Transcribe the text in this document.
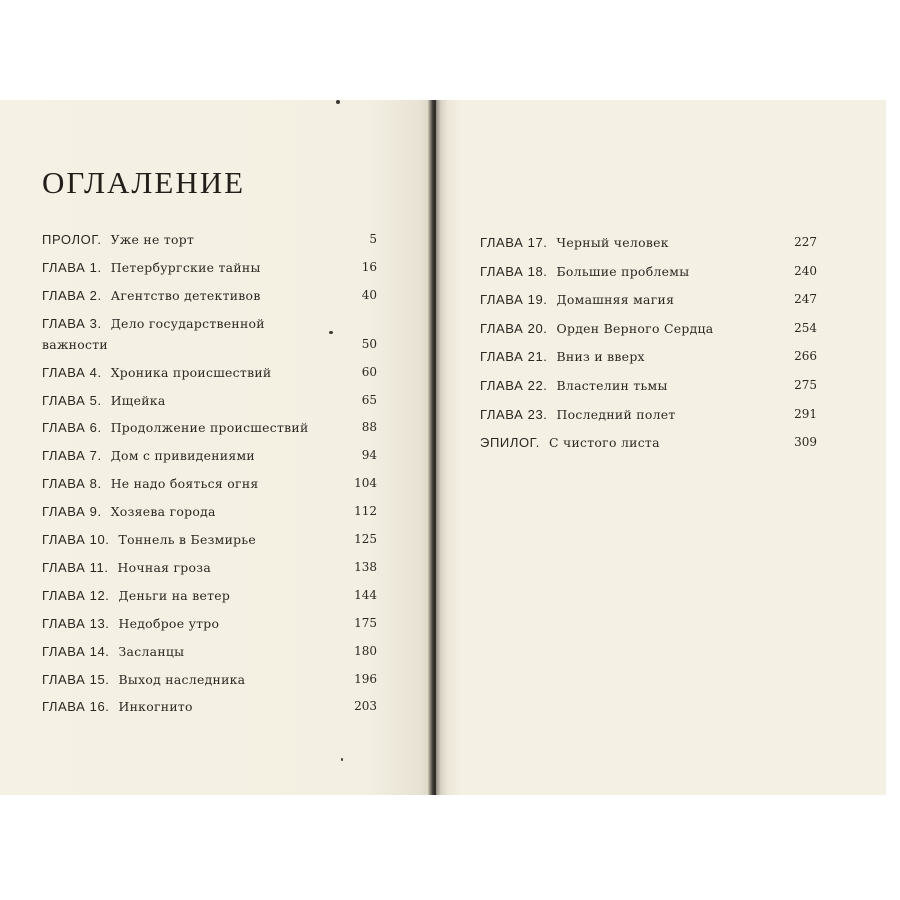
ОГЛАЛЕНИЕ
ПРОЛОГ. Уже не торт	5
ГЛАВА 1. Петербургские тайны	16
ГЛАВА 2. Агентство детективов	40
ГЛАВА 3. Дело государственной
важности	50
ГЛАВА 4. Хроника происшествий	60
ГЛАВА 5. Ищейка	65
ГЛАВА 6. Продолжение происшествий	88
ГЛАВА 7. Дом с привидениями	94
ГЛАВА 8. Не надо бояться огня	104
ГЛАВА 9. Хозяева города	112
ГЛАВА 10. Тоннель в Безмирье	125
ГЛАВА 11. Ночная гроза	138
ГЛАВА 12. Деньги на ветер	144
ГЛАВА 13. Недоброе утро	175
ГЛАВА 14. Засланцы	180
ГЛАВА 15. Выход наследника	196
ГЛАВА 16. Инкогнито	203
ГЛАВА 17. Черный человек	227
ГЛАВА 18. Большие проблемы	240
ГЛАВА 19. Домашняя магия	247
ГЛАВА 20. Орден Верного Сердца	254
ГЛАВА 21. Вниз и вверх	266
ГЛАВА 22. Властелин тьмы	275
ГЛАВА 23. Последний полет	291
ЭПИЛОГ. С чистого листа	309
